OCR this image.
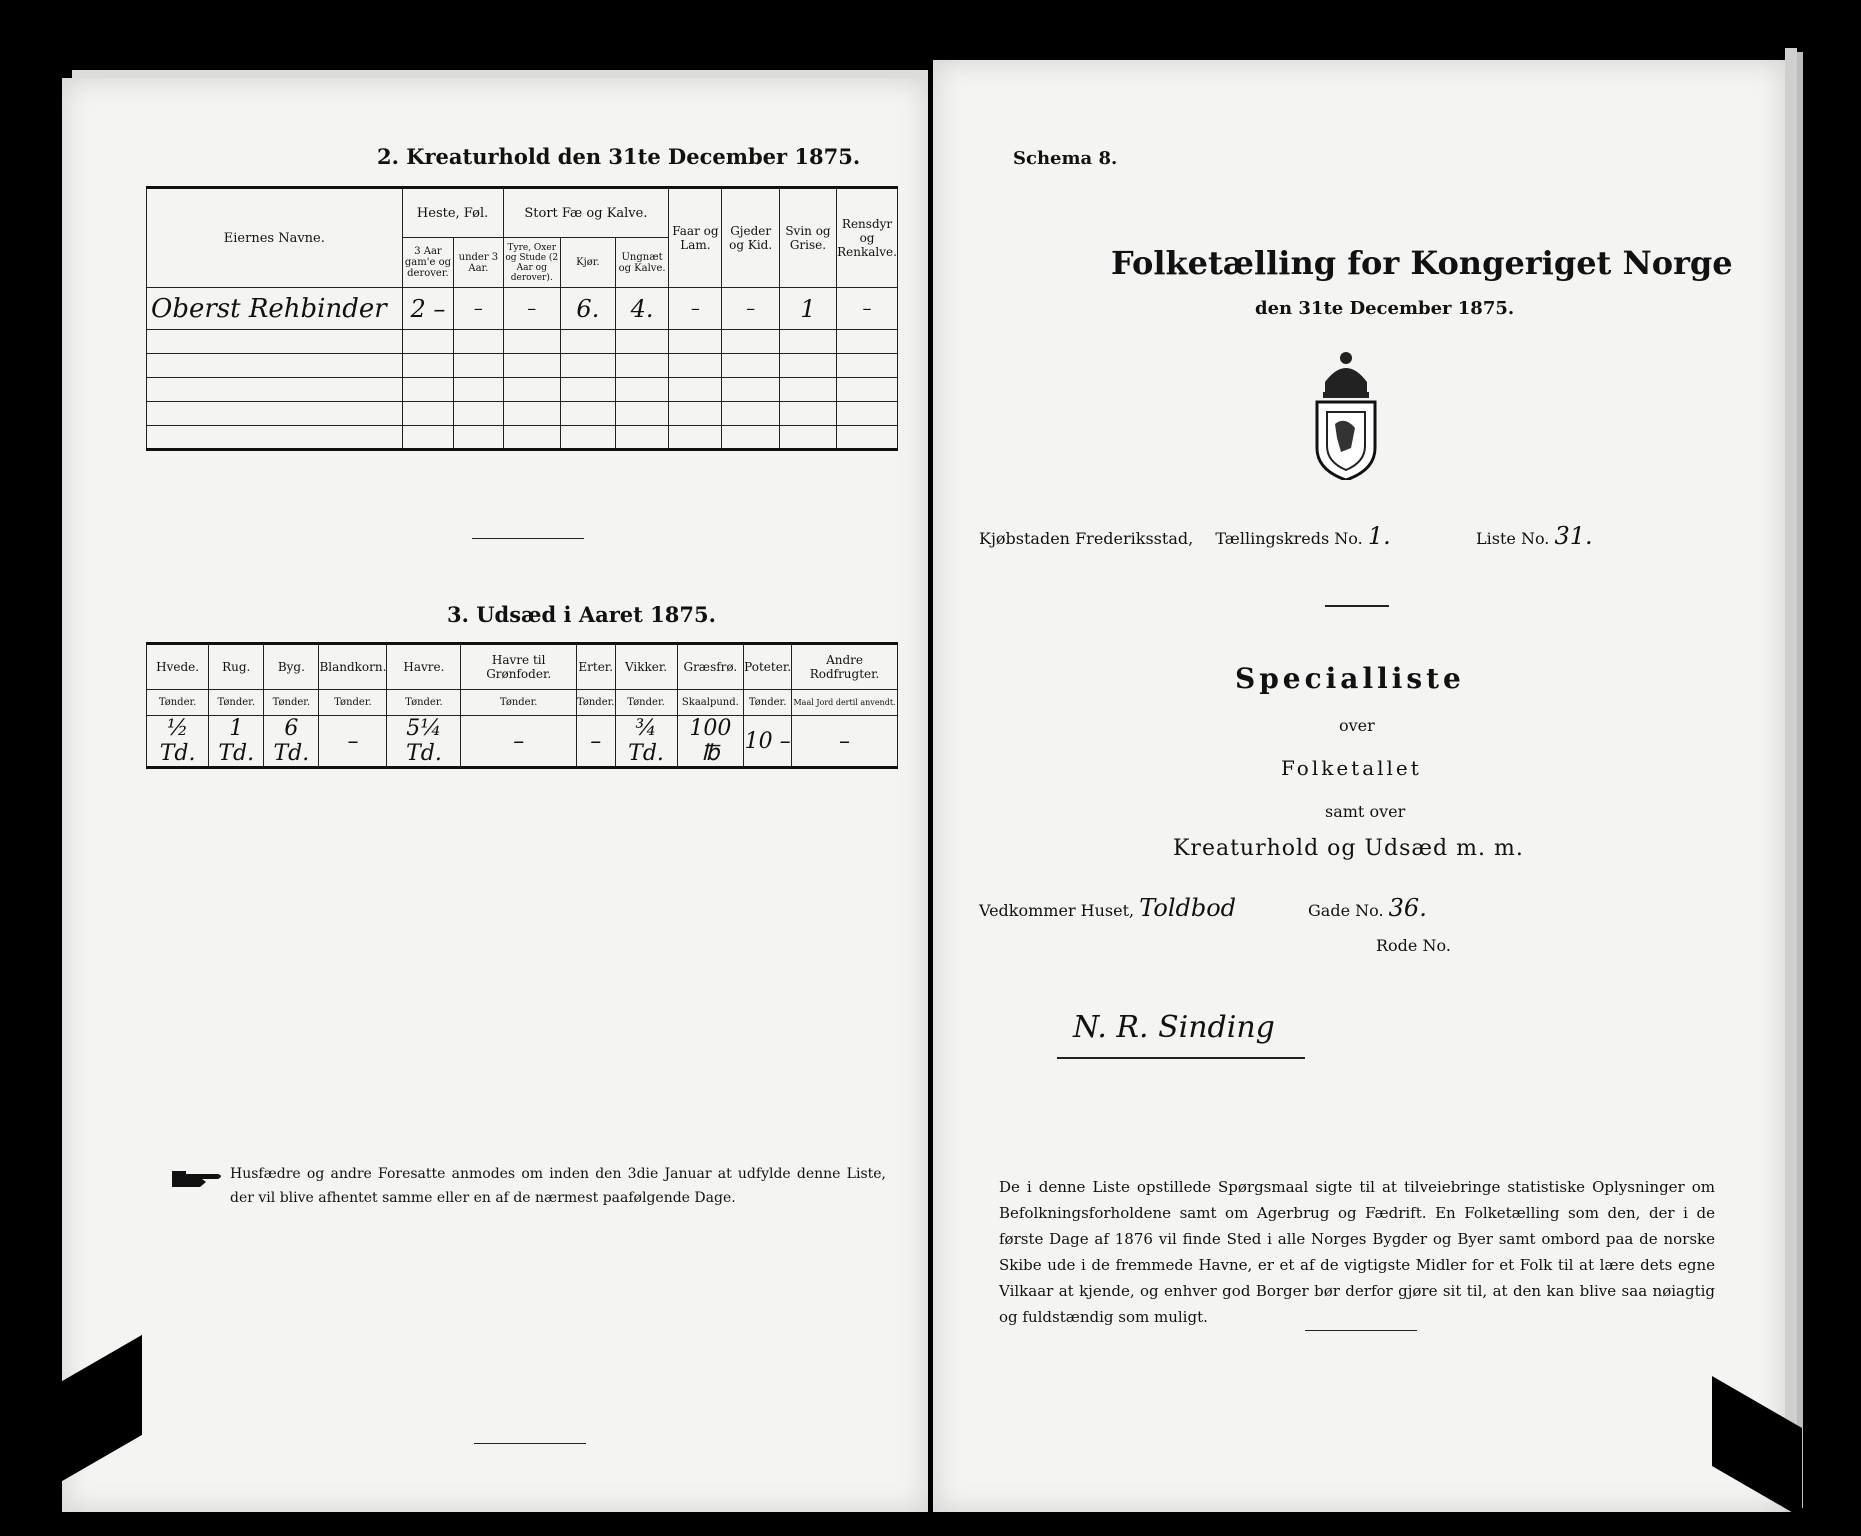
2. Kreaturhold den 31te December 1875.
Eiernes Navne.	Heste, Føl.		Stort Fæ og Kalve.			Faar og Lam.	Gjeder og Kid.	Svin og Grise.	Rensdyr og Renkalve.
	3 Aar gam'e og derover.	under 3 Aar.	Tyre, Oxer og Stude (2 Aar og derover).	Kjør.	Ungnæt og Kalve.				
Oberst Rehbinder	2 –	–	–	6.	4.	–	–	1	–

3. Udsæd i Aaret 1875.
Hvede.	Rug.	Byg.	Blandkorn.	Havre.	Havre til Grønfoder.	Erter.	Vikker.	Græsfrø.	Poteter.	Andre Rodfrugter.
Tønder.	Tønder.	Tønder.	Tønder.	Tønder.	Tønder.	Tønder.	Tønder.	Skaalpund.	Tønder.	Maal Jord dertil anvendt.
½ Td.	1 Td.	6 Td.	–	5¼ Td.	–	–	¾ Td.	100 ℔	10 –	–
Husfædre og andre Foresatte anmodes om inden den 3die Januar at udfylde denne Liste, der vil blive afhentet samme eller en af de nærmest paafølgende Dage.
Schema 8.
Folketælling for Kongeriget Norge
den 31te December 1875.
Kjøbstaden Frederiksstad, Tællingskreds No. 1.	Liste No. 31.
Specialliste
over
Folketallet
samt over
Kreaturhold og Udsæd m. m.
Vedkommer Huset, Toldbod	Gade No. 36.
Rode No.
N. R. Sinding
De i denne Liste opstillede Spørgsmaal sigte til at tilveiebringe statistiske Oplysninger om Befolkningsforholdene samt om Agerbrug og Fædrift. En Folketælling som den, der i de første Dage af 1876 vil finde Sted i alle Norges Bygder og Byer samt ombord paa de norske Skibe ude i de fremmede Havne, er et af de vigtigste Midler for et Folk til at lære dets egne Vilkaar at kjende, og enhver god Borger bør derfor gjøre sit til, at den kan blive saa nøiagtig og fuldstændig som muligt.
